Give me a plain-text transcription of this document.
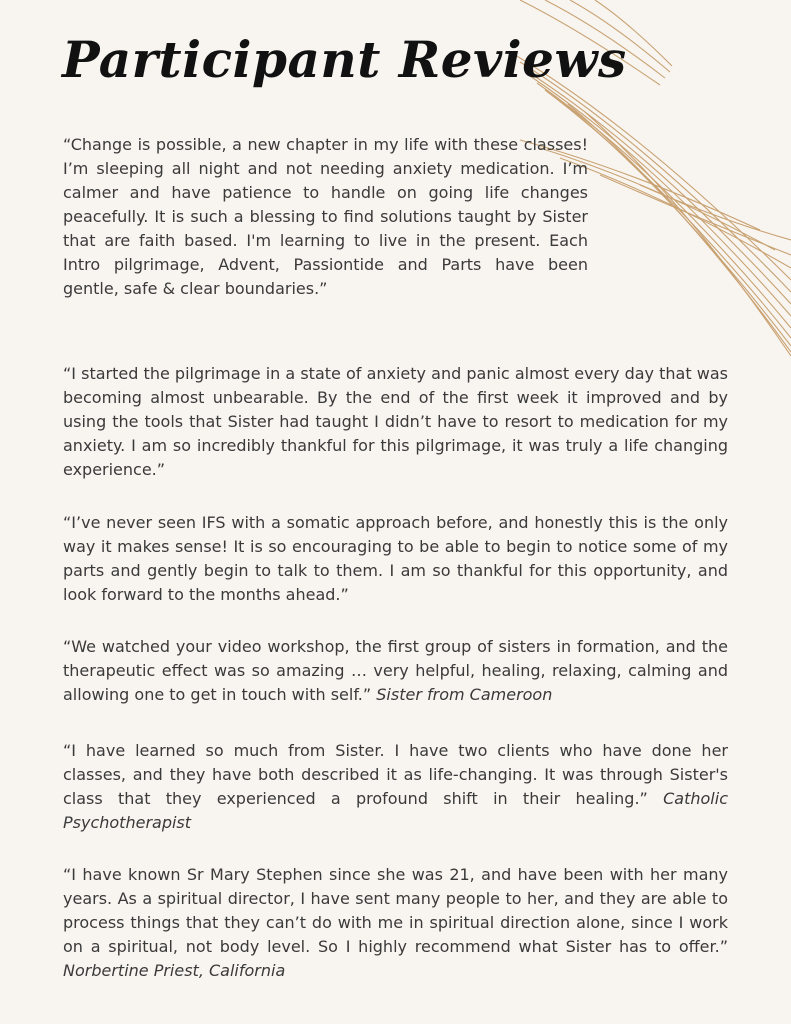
Participant Reviews

“Change is possible, a new chapter in my life with these classes! I’m sleeping all night and not needing anxiety medication. I’m calmer and have patience to handle on going life changes peacefully. It is such a blessing to find solutions taught by Sister that are faith based. I'm learning to live in the present. Each Intro pilgrimage, Advent, Passiontide and Parts have been gentle, safe & clear boundaries.”

“I started the pilgrimage in a state of anxiety and panic almost every day that was becoming almost unbearable. By the end of the first week it improved and by using the tools that Sister had taught I didn’t have to resort to medication for my anxiety. I am so incredibly thankful for this pilgrimage, it was truly a life changing experience.”

“I’ve never seen IFS with a somatic approach before, and honestly this is the only way it makes sense! It is so encouraging to be able to begin to notice some of my parts and gently begin to talk to them. I am so thankful for this opportunity, and look forward to the months ahead.”

“We watched your video workshop, the first group of sisters in formation, and the therapeutic effect was so amazing … very helpful, healing, relaxing, calming and allowing one to get in touch with self.” Sister from Cameroon

“I have learned so much from Sister. I have two clients who have done her classes, and they have both described it as life-changing. It was through Sister's class that they experienced a profound shift in their healing.” Catholic Psychotherapist

“I have known Sr Mary Stephen since she was 21, and have been with her many years. As a spiritual director, I have sent many people to her, and they are able to process things that they can’t do with me in spiritual direction alone, since I work on a spiritual, not body level. So I highly recommend what Sister has to offer.” Norbertine Priest, California
